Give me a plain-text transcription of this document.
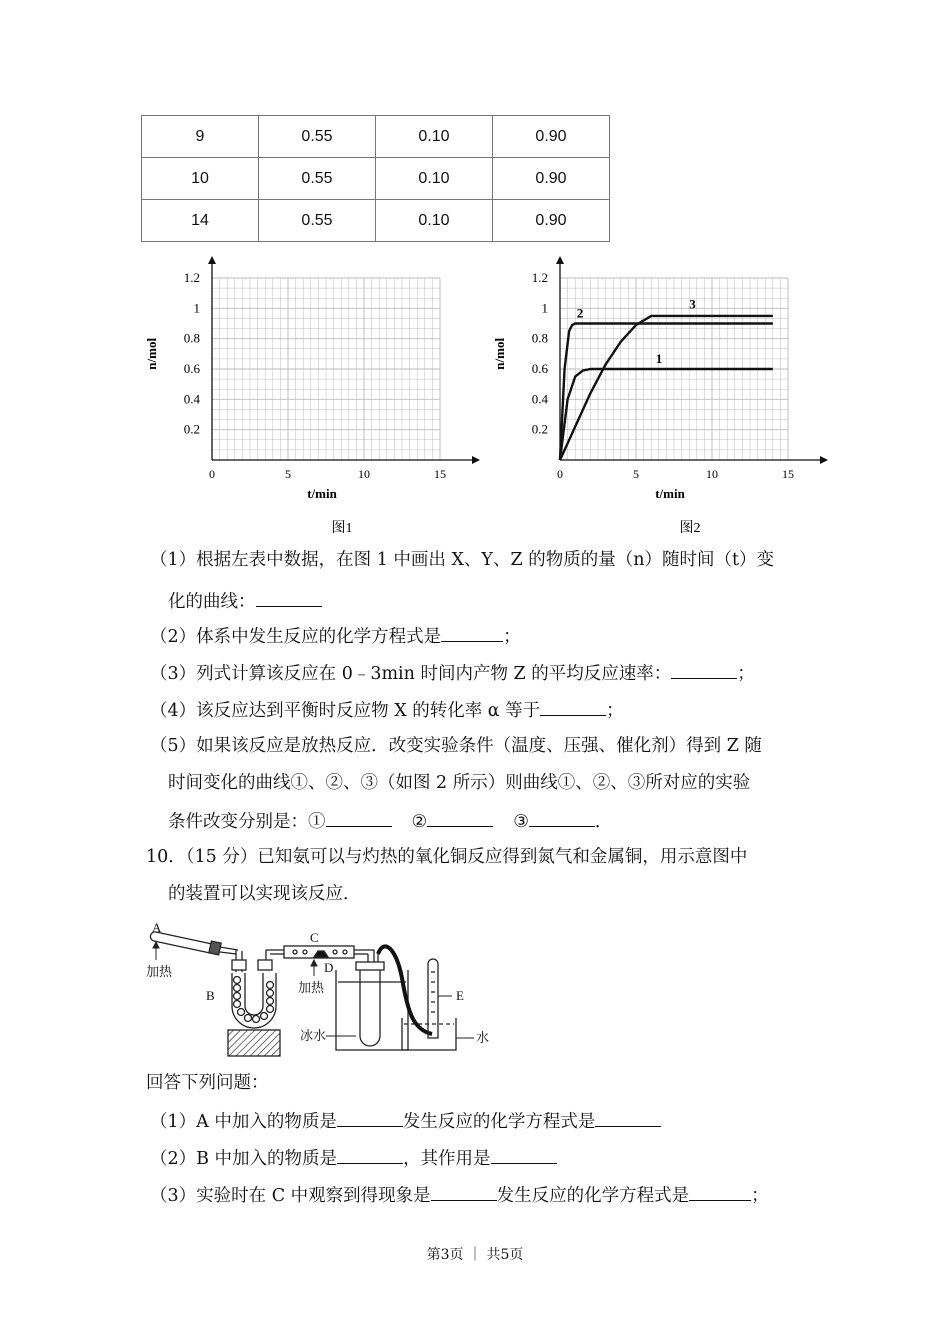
9	0.55	0.10	0.90
10	0.55	0.10	0.90
14	0.55	0.10	0.90
0	5	10	15
0.2
0.4
0.6
0.8
1
1.2
t/min
n/mol
图1
0	5	10	15
0.2
0.4
0.6
0.8
1
1.2
t/min
n/mol
图2
1
2
3
（1）根据左表中数据，在图 1 中画出 X、Y、Z 的物质的量（n）随时间（t）变
化的曲线：
（2）体系中发生反应的化学方程式是	；
（3）列式计算该反应在 0﹣3min 时间内产物 Z 的平均反应速率：	；
（4）该反应达到平衡时反应物 X 的转化率 α 等于	；
（5）如果该反应是放热反应．改变实验条件（温度、压强、催化剂）得到 Z 随
时间变化的曲线①、②、③（如图 2 所示）则曲线①、②、③所对应的实验
条件改变分别是：①	②	③	．
10．（15 分）已知氨可以与灼热的氧化铜反应得到氮气和金属铜，用示意图中
的装置可以实现该反应．
A
加热
B
C
D
加热
冰水
E
水
回答下列问题：
（1）A 中加入的物质是	发生反应的化学方程式是
（2）B 中加入的物质是	，其作用是
（3）实验时在 C 中观察到得现象是	发生反应的化学方程式是	；
第3页 ｜ 共5页
